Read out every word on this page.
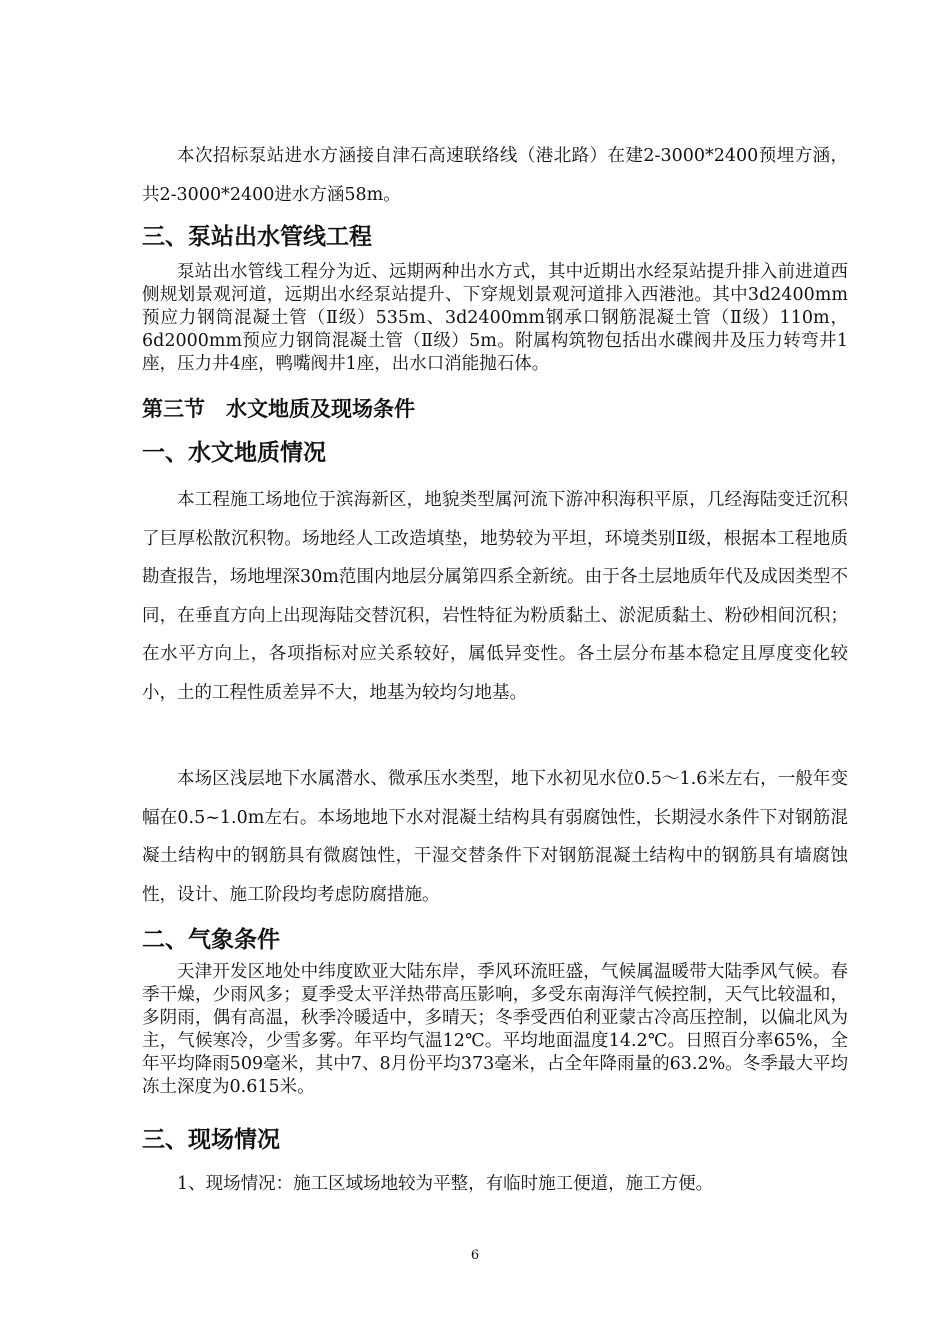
本次招标泵站进水方涵接自津石高速联络线（港北路）在建2-3000*2400预埋方涵，共2-3000*2400进水方涵58m。

三、泵站出水管线工程

泵站出水管线工程分为近、远期两种出水方式，其中近期出水经泵站提升排入前进道西侧规划景观河道，远期出水经泵站提升、下穿规划景观河道排入西港池。其中3d2400mm预应力钢筒混凝土管（Ⅱ级）535m、3d2400mm钢承口钢筋混凝土管（Ⅱ级）110m，6d2000mm预应力钢筒混凝土管（Ⅱ级）5m。附属构筑物包括出水碟阀井及压力转弯井1座，压力井4座，鸭嘴阀井1座，出水口消能抛石体。

第三节　水文地质及现场条件
一、水文地质情况

本工程施工场地位于滨海新区，地貌类型属河流下游冲积海积平原，几经海陆变迁沉积了巨厚松散沉积物。场地经人工改造填垫，地势较为平坦，环境类别Ⅱ级，根据本工程地质勘查报告，场地埋深30m范围内地层分属第四系全新统。由于各土层地质年代及成因类型不同，在垂直方向上出现海陆交替沉积，岩性特征为粉质黏土、淤泥质黏土、粉砂相间沉积；在水平方向上，各项指标对应关系较好，属低异变性。各土层分布基本稳定且厚度变化较小，土的工程性质差异不大，地基为较均匀地基。

本场区浅层地下水属潜水、微承压水类型，地下水初见水位0.5～1.6米左右，一般年变幅在0.5~1.0m左右。本场地地下水对混凝土结构具有弱腐蚀性，长期浸水条件下对钢筋混凝土结构中的钢筋具有微腐蚀性，干湿交替条件下对钢筋混凝土结构中的钢筋具有墙腐蚀性，设计、施工阶段均考虑防腐措施。

二、气象条件

天津开发区地处中纬度欧亚大陆东岸，季风环流旺盛，气候属温暖带大陆季风气候。春季干燥，少雨风多；夏季受太平洋热带高压影响，多受东南海洋气候控制，天气比较温和，多阴雨，偶有高温，秋季冷暖适中，多晴天；冬季受西伯利亚蒙古冷高压控制，以偏北风为主，气候寒冷，少雪多雾。年平均气温12℃。平均地面温度14.2℃。日照百分率65%，全年平均降雨509毫米，其中7、8月份平均373毫米，占全年降雨量的63.2%。冬季最大平均冻土深度为0.615米。

三、现场情况

1、现场情况：施工区域场地较为平整，有临时施工便道，施工方便。

6
